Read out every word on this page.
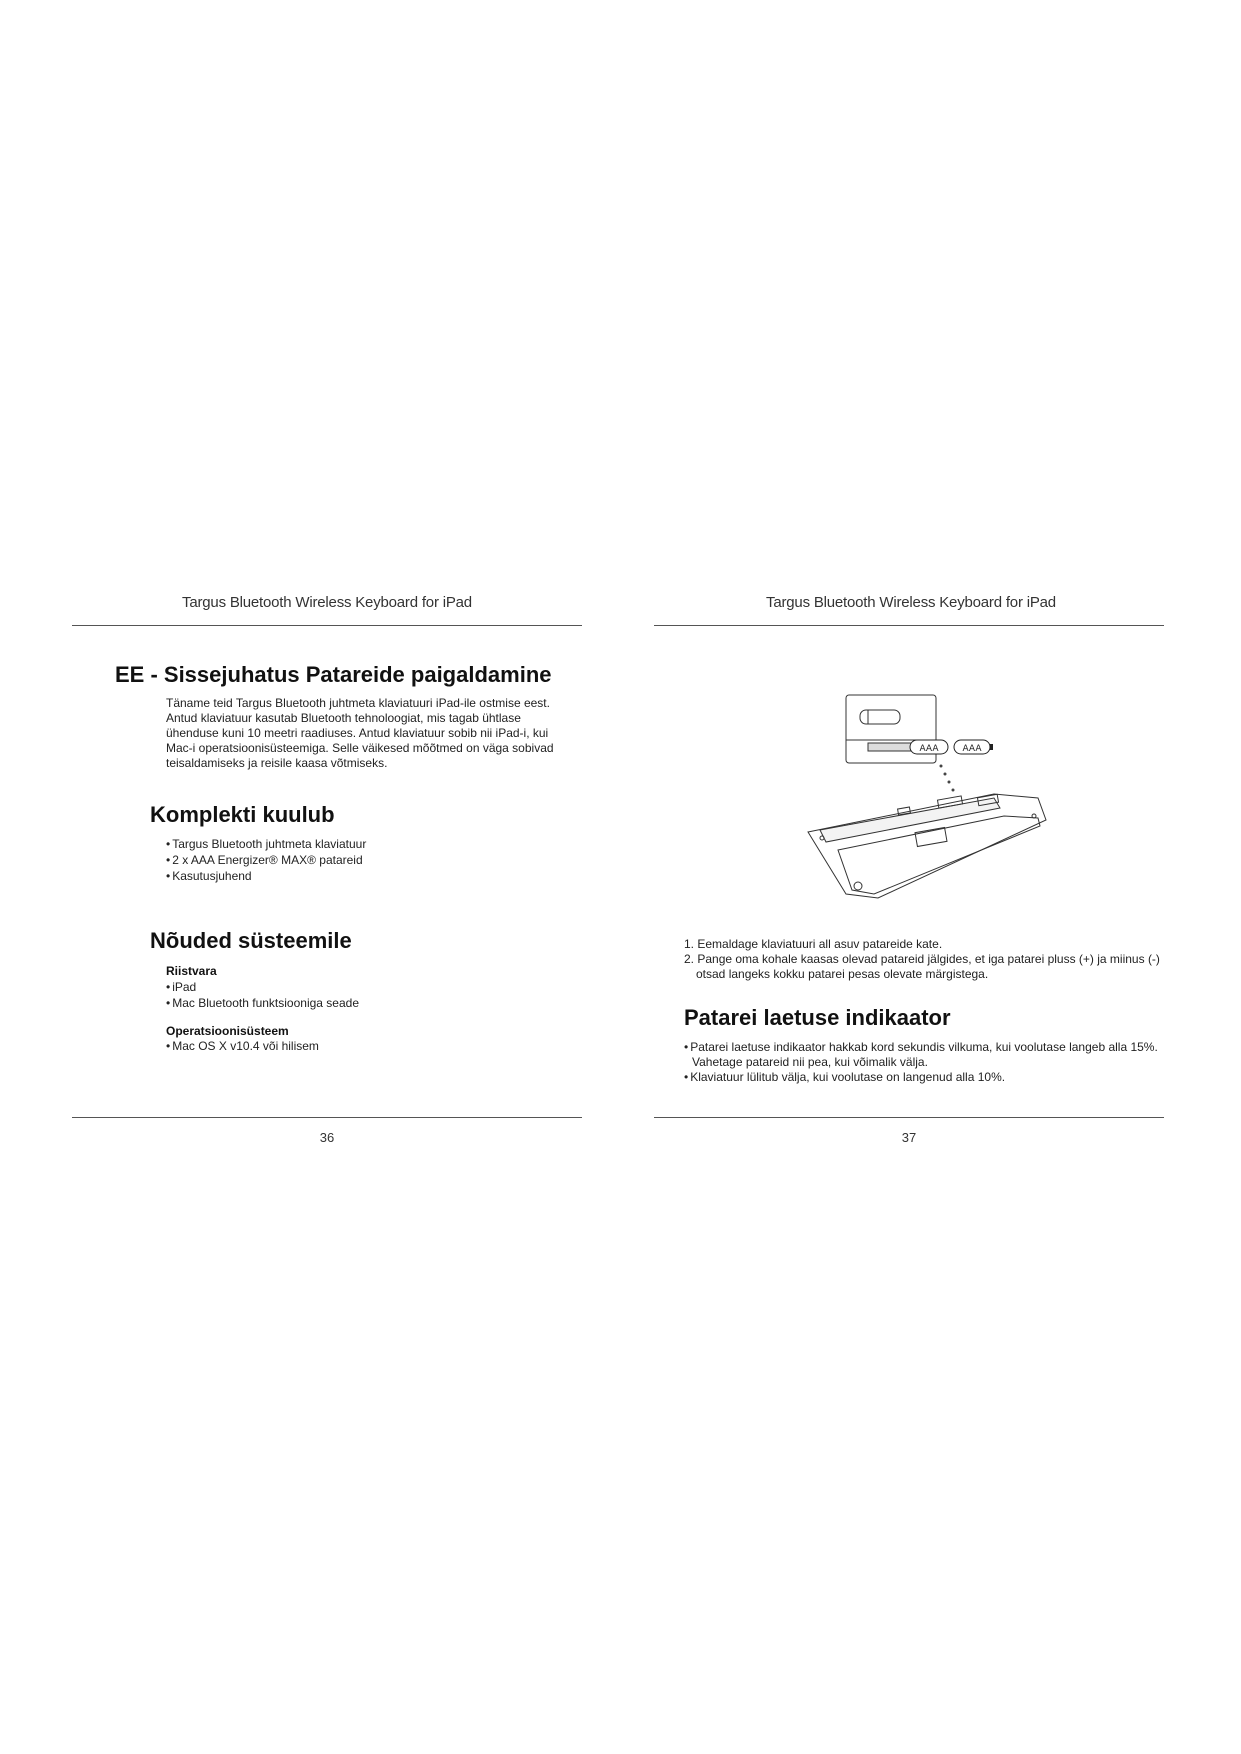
Targus Bluetooth Wireless Keyboard for iPad
EE - Sissejuhatus Patareide paigaldamine

Täname teid Targus Bluetooth juhtmeta klaviatuuri iPad-ile ostmise eest. Antud klaviatuur kasutab Bluetooth tehnoloogiat, mis tagab ühtlase ühenduse kuni 10 meetri raadiuses. Antud klaviatuur sobib nii iPad-i, kui Mac-i operatsioonisüsteemiga. Selle väikesed mõõtmed on väga sobivad teisaldamiseks ja reisile kaasa võtmiseks.

Komplekti kuulub
• Targus Bluetooth juhtmeta klaviatuur
• 2 x AAA Energizer® MAX® patareid
• Kasutusjuhend
Nõuded süsteemile
Riistvara
• iPad
• Mac Bluetooth funktsiooniga seade
Operatsioonisüsteem
• Mac OS X v10.4 või hilisem
36
Targus Bluetooth Wireless Keyboard for iPad
AAA	AAA
1. Eemaldage klaviatuuri all asuv patareide kate.
2. Pange oma kohale kaasas olevad patareid jälgides, et iga patarei pluss (+) ja miinus (-) otsad langeks kokku patarei pesas olevate märgistega.
Patarei laetuse indikaator
• Patarei laetuse indikaator hakkab kord sekundis vilkuma, kui voolutase langeb alla 15%. Vahetage patareid nii pea, kui võimalik välja.
• Klaviatuur lülitub välja, kui voolutase on langenud alla 10%.
37
